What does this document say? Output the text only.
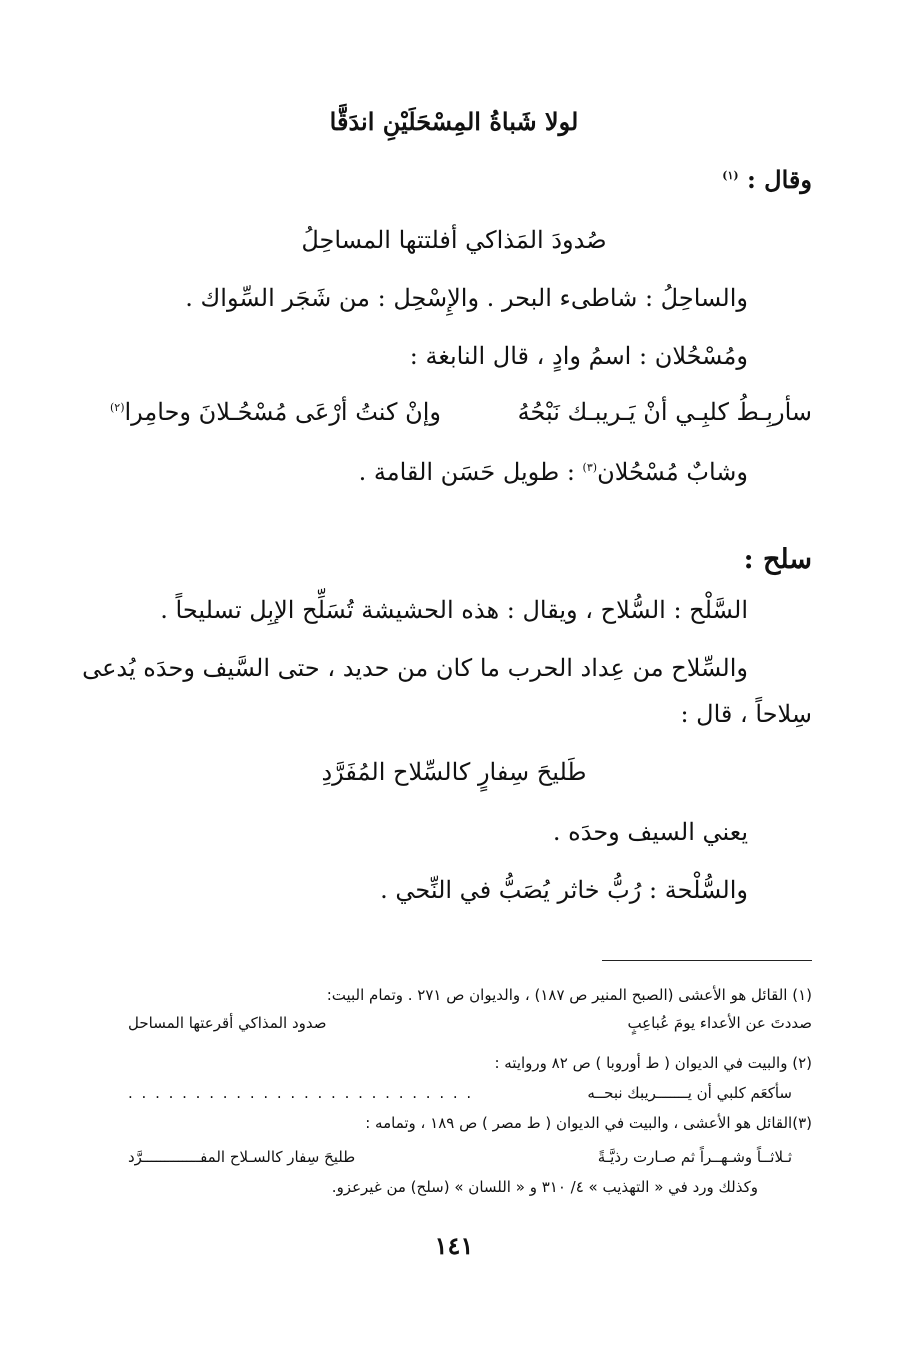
لولا شَباةُ المِسْحَلَيْنِ اندَقَّا
وقال : $^{(١)}$
صُدودَ المَذاكي أفلتتها المساحِلُ
والساحِلُ : شاطىء البحر . والإِسْحِل : من شَجَر السِّواك .
ومُسْحُلان : اسمُ وادٍ ، قال النابغة :
سأربِـطُ كلبِـي أنْ يَـريبـك نَبْحُهُ
وإنْ كنتُ أرْعَى مُسْحُـلانَ وحامِرا$^{(٢)}$
وشابٌ مُسْحُلان$^{(٣)}$ : طويل حَسَن القامة .
سلح :
السَّلْح : السُّلاح ، ويقال : هذه الحشيشة تُسَلِّح الإبِل تسليحاً .
والسِّلاح من عِداد الحرب ما كان من حديد ، حتى السَّيف وحدَه يُدعى
سِلاحاً ، قال :
طَليحَ سِفارٍ كالسِّلاح المُفَرَّدِ
يعني السيف وحدَه .
والسُّلْحة : رُبُّ خاثر يُصَبُّ في النِّحي .
(١) القائل هو الأعشى (الصبح المنير ص ١٨٧) ، والديوان ص ٢٧١ . وتمام البيت:
صددتَ عن الأعداء يومَ عُباعِبٍ
صدود المذاكي أقرعتها المساحل
(٢) والبيت في الديوان ( ط أوروبا ) ص ٨٢ وروايته :
سأكعَم كلبي أن يـــــــريبك نبحــه
. . . . . . . . . . . . . . . . . . . . . . . . . .
(٣)القائل هو الأعشى ، والبيت في الديوان ( ط مصر ) ص ١٨٩ ، وتمامه :
ثـلاثــاً وشـهــراً ثم صـارت رذيَّـةً
طليحَ سِفار كالسـلاح المفـــــــــــــرَّد
وكذلك ورد في « التهذيب » ٤/ ٣١٠ و « اللسان » (سلح) من غيرعزو.
١٤١
